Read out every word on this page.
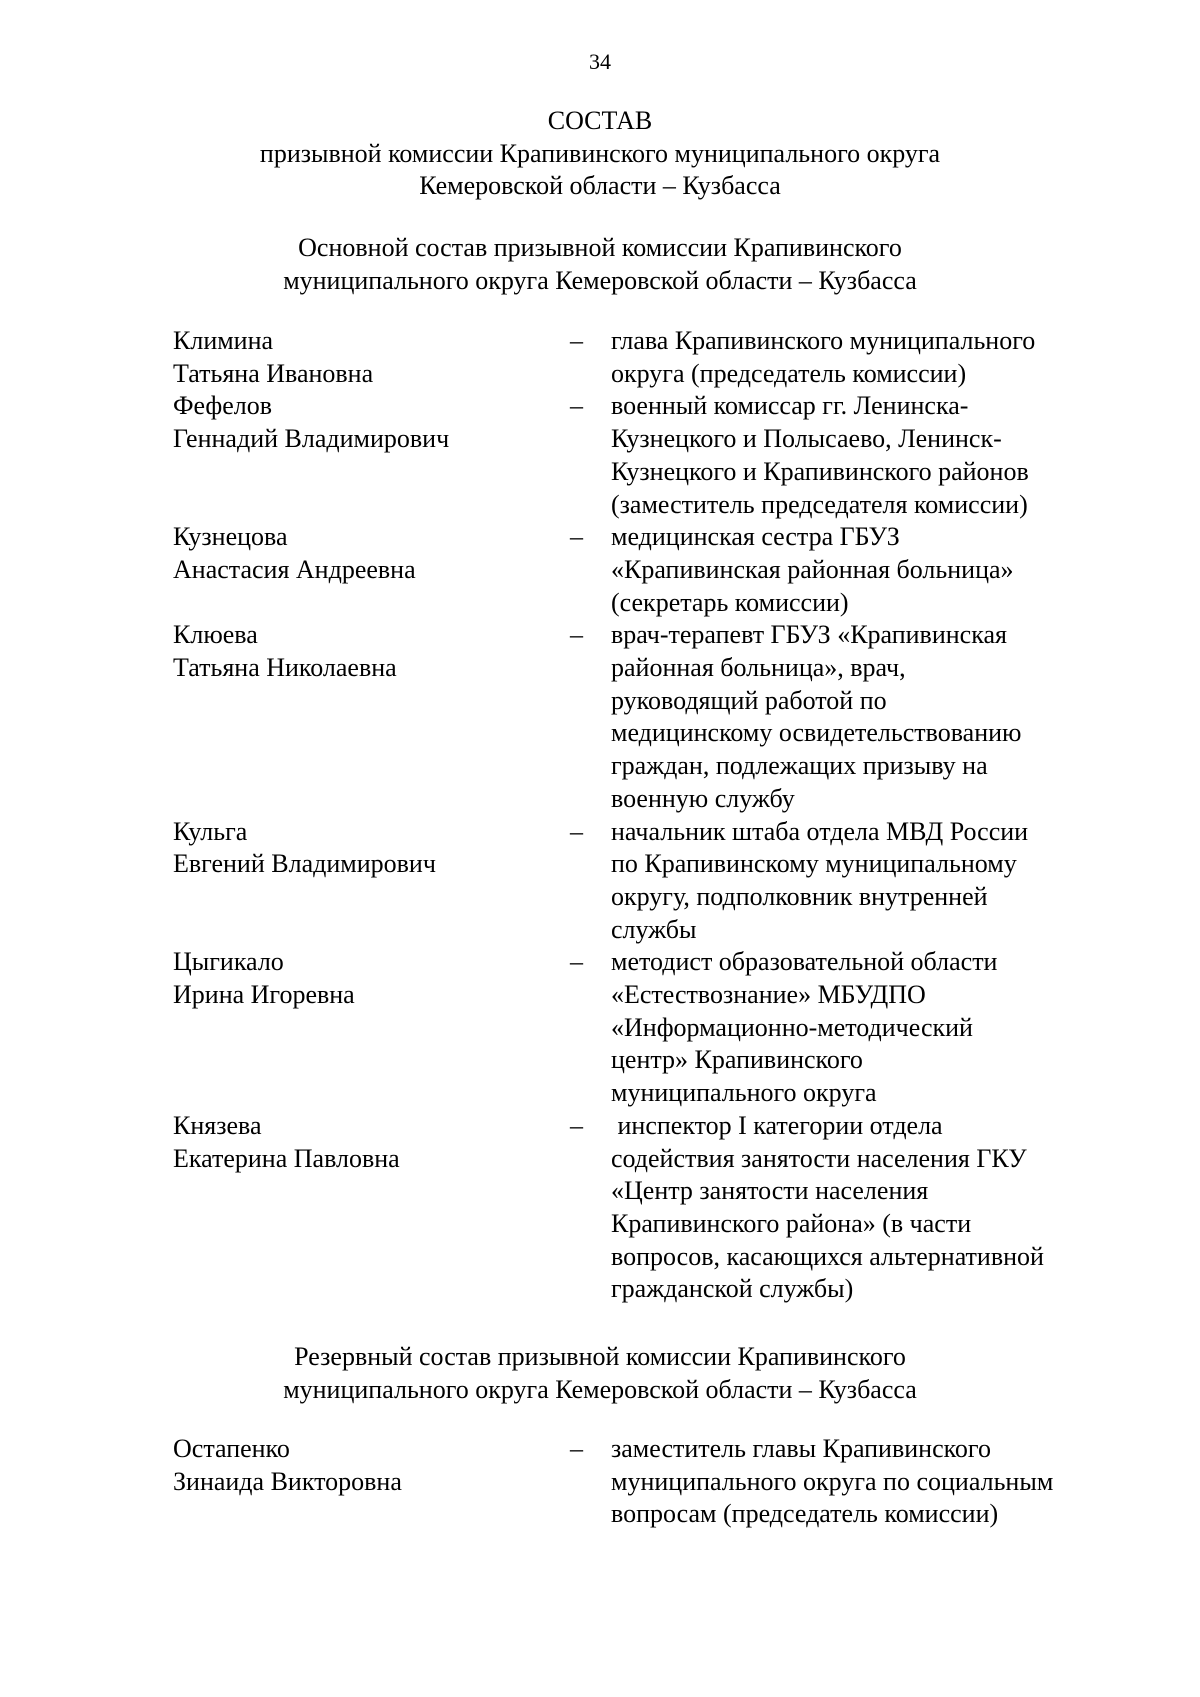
34
СОСТАВ
призывной комиссии Крапивинского муниципального округа
Кемеровской области – Кузбасса
Основной состав призывной комиссии Крапивинского
муниципального округа Кемеровской области – Кузбасса
Климина
Татьяна Ивановна
–	глава Крапивинского муниципального
округа (председатель комиссии)
Фефелов
Геннадий Владимирович
–	военный комиссар гг. Ленинска-
Кузнецкого и Полысаево, Ленинск-
Кузнецкого и Крапивинского районов
(заместитель председателя комиссии)
Кузнецова
Анастасия Андреевна
–	медицинская сестра ГБУЗ
«Крапивинская районная больница»
(секретарь комиссии)
Клюева
Татьяна Николаевна
–	врач-терапевт ГБУЗ «Крапивинская
районная больница», врач,
руководящий работой по
медицинскому освидетельствованию
граждан, подлежащих призыву на
военную службу
Кульга
Евгений Владимирович
–	начальник штаба отдела МВД России
по Крапивинскому муниципальному
округу, подполковник внутренней
службы
Цыгикало
Ирина Игоревна
–	методист образовательной области
«Естествознание» МБУДПО
«Информационно-методический
центр» Крапивинского
муниципального округа
Князева
Екатерина Павловна
–	инспектор I категории отдела
содействия занятости населения ГКУ
«Центр занятости населения
Крапивинского района» (в части
вопросов, касающихся альтернативной
гражданской службы)
Резервный состав призывной комиссии Крапивинского
муниципального округа Кемеровской области – Кузбасса
Остапенко
Зинаида Викторовна
–	заместитель главы Крапивинского
муниципального округа по социальным
вопросам (председатель комиссии)
